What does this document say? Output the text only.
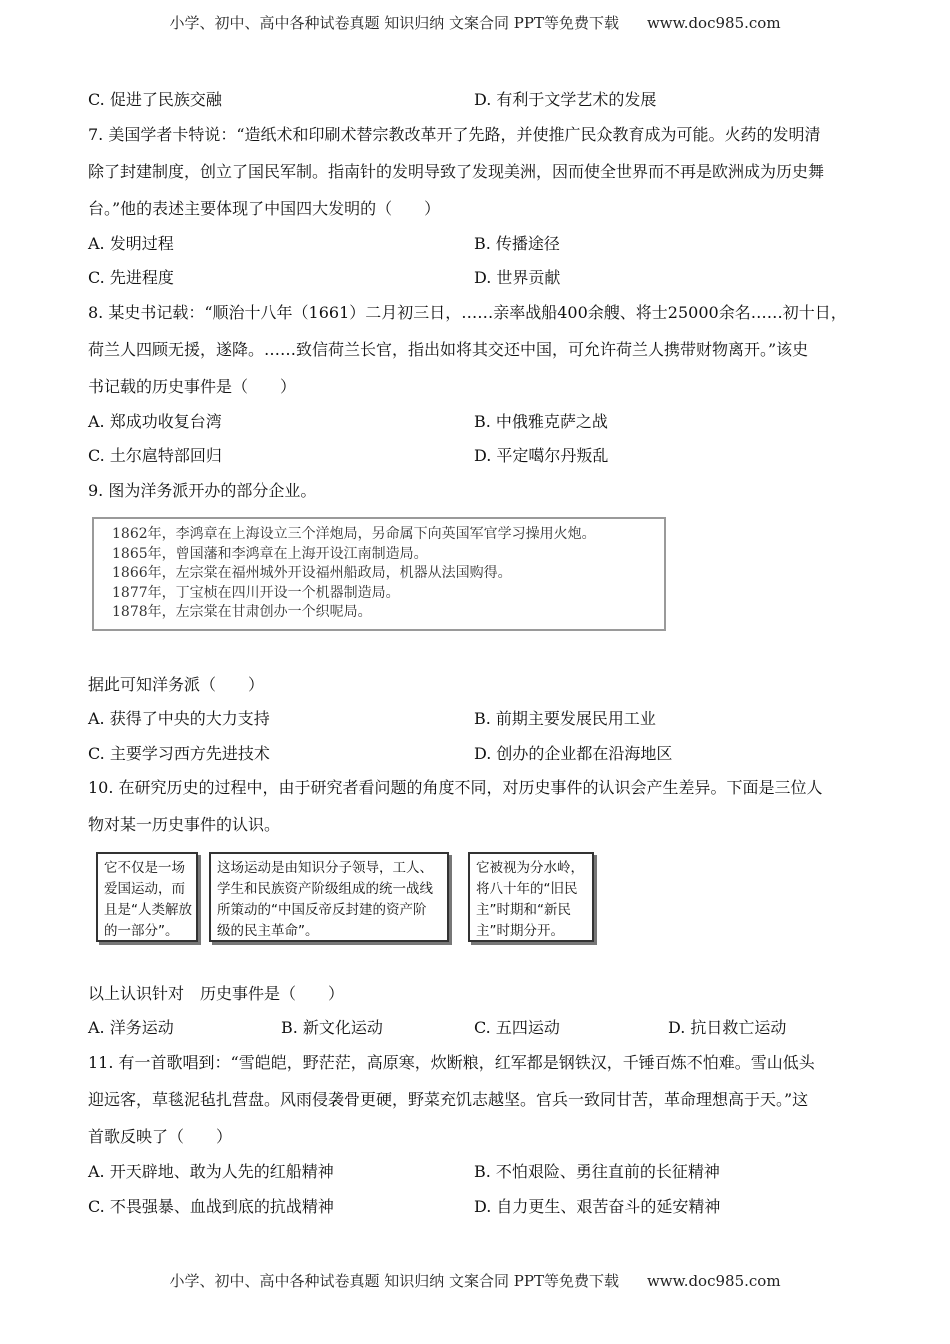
小学、初中、高中各种试卷真题 知识归纳 文案合同 PPT等免费下载 www.doc985.com
C. 促进了民族交融	D. 有利于文学艺术的发展
7. 美国学者卡特说：“造纸术和印刷术替宗教改革开了先路，并使推广民众教育成为可能。火药的发明清
除了封建制度，创立了国民军制。指南针的发明导致了发现美洲，因而使全世界而不再是欧洲成为历史舞
台。”他的表述主要体现了中国四大发明的（　　）
A. 发明过程	B. 传播途径
C. 先进程度	D. 世界贡献
8. 某史书记载：“顺治十八年（1661）二月初三日，……亲率战船400余艘、将士25000余名……初十日，
荷兰人四顾无援，遂降。……致信荷兰长官，指出如将其交还中国，可允许荷兰人携带财物离开。”该史
书记载的历史事件是（　　）
A. 郑成功收复台湾	B. 中俄雅克萨之战
C. 土尔扈特部回归	D. 平定噶尔丹叛乱
9. 图为洋务派开办的部分企业。
1862年，李鸿章在上海设立三个洋炮局，另命属下向英国军官学习操用火炮。
1865年，曾国藩和李鸿章在上海开设江南制造局。
1866年，左宗棠在福州城外开设福州船政局，机器从法国购得。
1877年，丁宝桢在四川开设一个机器制造局。
1878年，左宗棠在甘肃创办一个织呢局。
据此可知洋务派（　　）
A. 获得了中央的大力支持	B. 前期主要发展民用工业
C. 主要学习西方先进技术	D. 创办的企业都在沿海地区
10. 在研究历史的过程中，由于研究者看问题的角度不同，对历史事件的认识会产生差异。下面是三位人
物对某一历史事件的认识。
它不仅是一场
爱国运动，而
且是“人类解放
的一部分”。
这场运动是由知识分子领导，工人、
学生和民族资产阶级组成的统一战线
所策动的“中国反帝反封建的资产阶
级的民主革命”。
它被视为分水岭，
将八十年的“旧民
主”时期和“新民
主”时期分开。
以上认识针对　历史事件是（　　）
A. 洋务运动	B. 新文化运动	C. 五四运动	D. 抗日救亡运动
11. 有一首歌唱到：“雪皑皑，野茫茫，高原寒，炊断粮，红军都是钢铁汉，千锤百炼不怕难。雪山低头
迎远客，草毯泥毡扎营盘。风雨侵袭骨更硬，野菜充饥志越坚。官兵一致同甘苦，革命理想高于天。”这
首歌反映了（　　）
A. 开天辟地、敢为人先的红船精神	B. 不怕艰险、勇往直前的长征精神
C. 不畏强暴、血战到底的抗战精神	D. 自力更生、艰苦奋斗的延安精神
小学、初中、高中各种试卷真题 知识归纳 文案合同 PPT等免费下载 www.doc985.com
